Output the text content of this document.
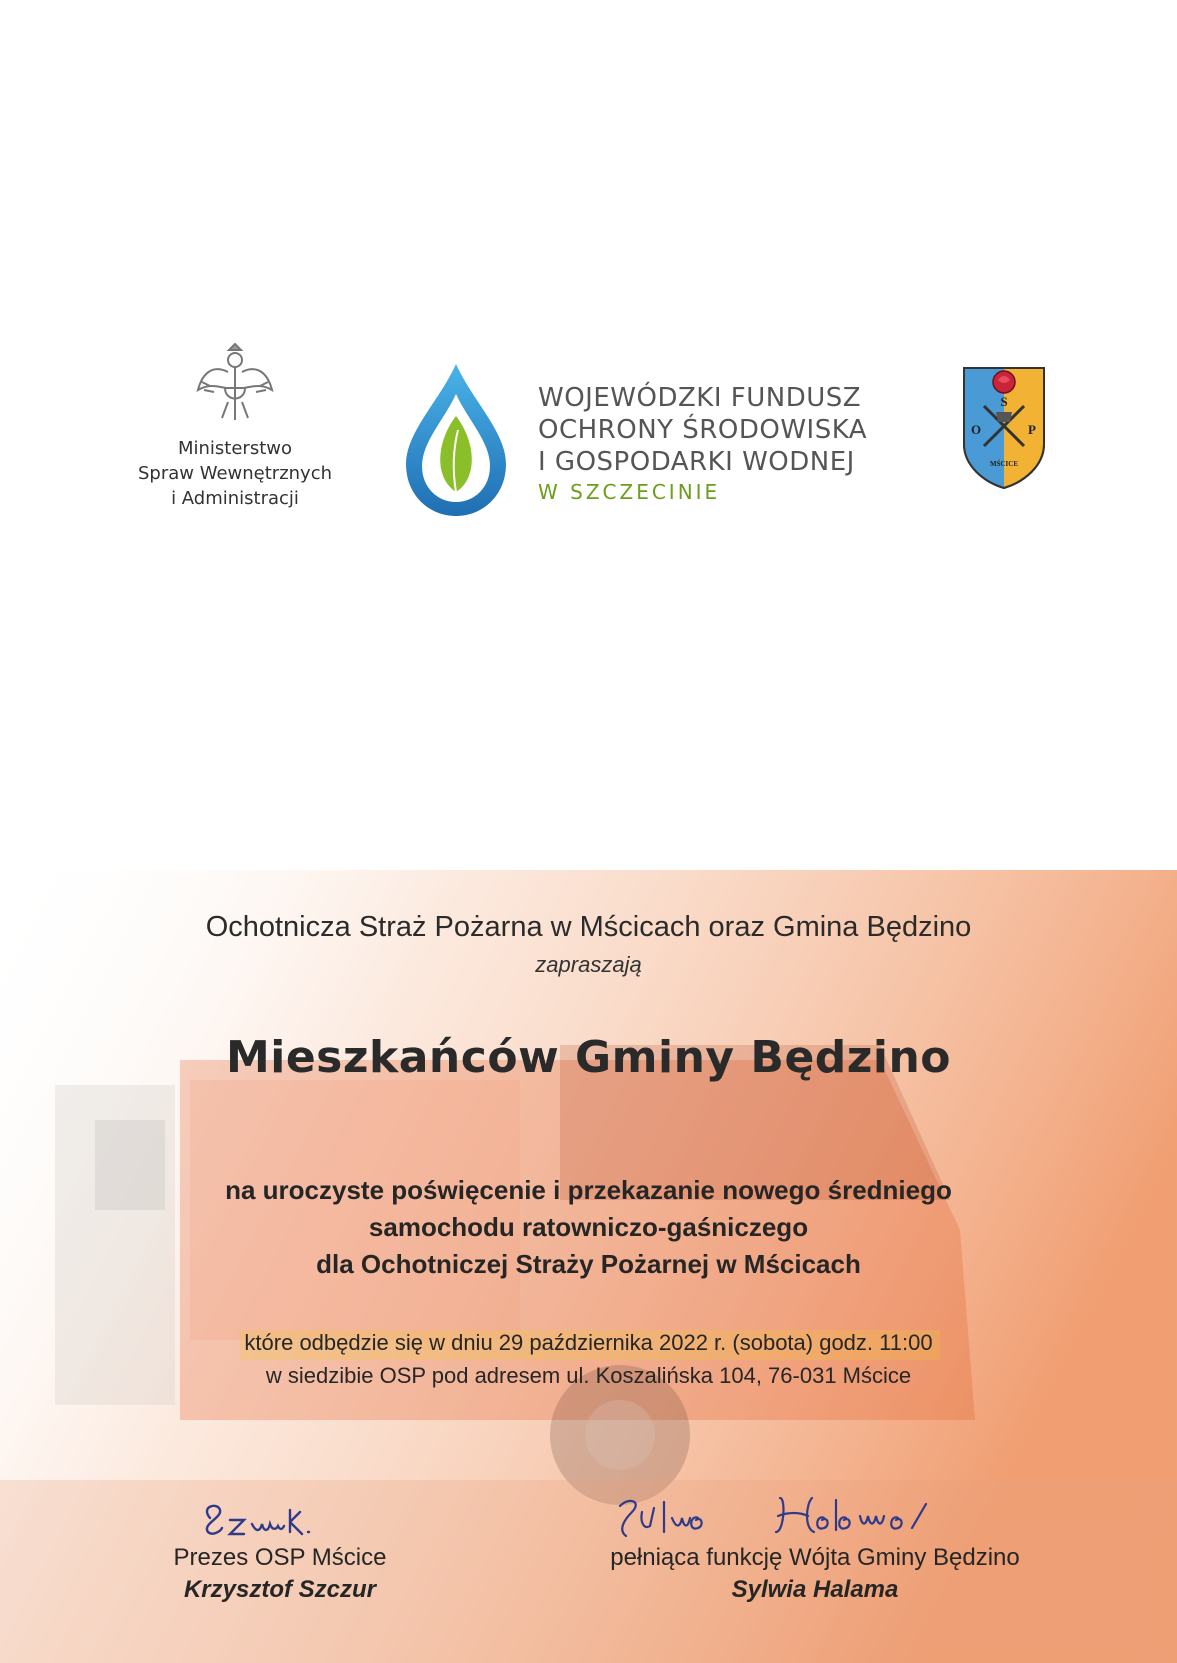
Ministerstwo
Spraw Wewnętrznych
i Administracji
WOJEWÓDZKI FUNDUSZ
OCHRONY ŚRODOWISKA
I GOSPODARKI WODNEJ
W SZCZECINIE
S
O	P
MŚCICE
Ochotnicza Straż Pożarna w Mścicach oraz Gmina Będzino
zapraszają
Mieszkańców Gminy Będzino
na uroczyste poświęcenie i przekazanie nowego średniego
samochodu ratowniczo-gaśniczego
dla Ochotniczej Straży Pożarnej w Mścicach
które odbędzie się w dniu 29 października 2022 r. (sobota) godz. 11:00
w siedzibie OSP pod adresem ul. Koszalińska 104, 76-031 Mścice
Prezes OSP Mścice
Krzysztof Szczur
pełniąca funkcję Wójta Gminy Będzino
Sylwia Halama
